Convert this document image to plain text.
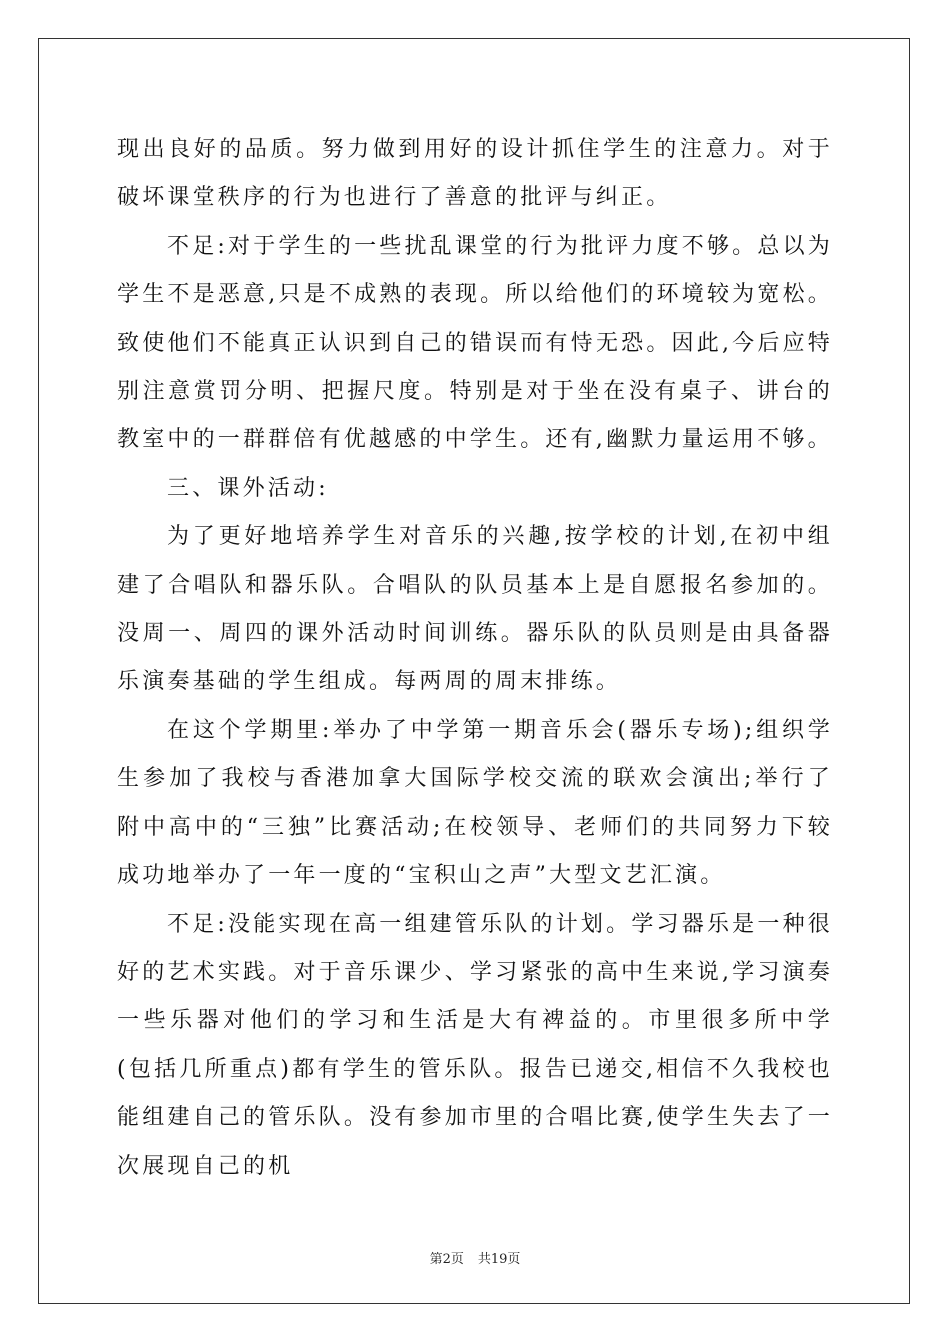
现出良好的品质。努力做到用好的设计抓住学生的注意力。对于破坏课堂秩序的行为也进行了善意的批评与纠正。

不足:对于学生的一些扰乱课堂的行为批评力度不够。总以为学生不是恶意,只是不成熟的表现。所以给他们的环境较为宽松。致使他们不能真正认识到自己的错误而有恃无恐。因此,今后应特别注意赏罚分明、把握尺度。特别是对于坐在没有桌子、讲台的教室中的一群群倍有优越感的中学生。还有,幽默力量运用不够。

三、课外活动:

为了更好地培养学生对音乐的兴趣,按学校的计划,在初中组建了合唱队和器乐队。合唱队的队员基本上是自愿报名参加的。没周一、周四的课外活动时间训练。器乐队的队员则是由具备器乐演奏基础的学生组成。每两周的周末排练。

在这个学期里:举办了中学第一期音乐会(器乐专场);组织学生参加了我校与香港加拿大国际学校交流的联欢会演出;举行了附中高中的“三独”比赛活动;在校领导、老师们的共同努力下较成功地举办了一年一度的“宝积山之声”大型文艺汇演。

不足:没能实现在高一组建管乐队的计划。学习器乐是一种很好的艺术实践。对于音乐课少、学习紧张的高中生来说,学习演奏一些乐器对他们的学习和生活是大有裨益的。市里很多所中学(包括几所重点)都有学生的管乐队。报告已递交,相信不久我校也能组建自己的管乐队。没有参加市里的合唱比赛,使学生失去了一次展现自己的机

第2页 共19页
